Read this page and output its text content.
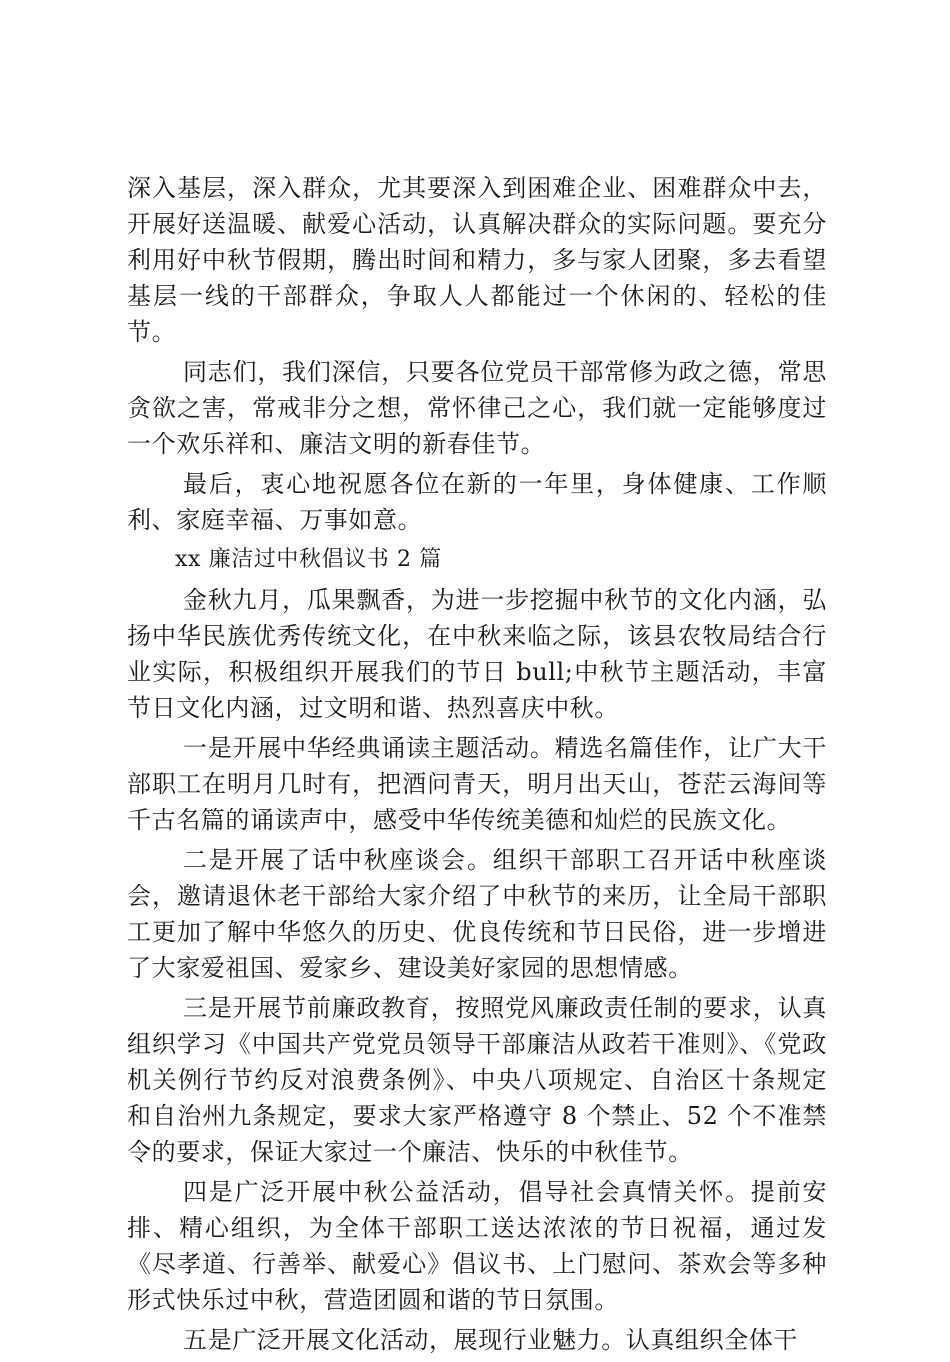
深入基层，深入群众，尤其要深入到困难企业、困难群众中去，开展好送温暖、献爱心活动，认真解决群众的实际问题。要充分利用好中秋节假期，腾出时间和精力，多与家人团聚，多去看望基层一线的干部群众，争取人人都能过一个休闲的、轻松的佳节。

同志们，我们深信，只要各位党员干部常修为政之德，常思贪欲之害，常戒非分之想，常怀律己之心，我们就一定能够度过一个欢乐祥和、廉洁文明的新春佳节。

最后，衷心地祝愿各位在新的一年里，身体健康、工作顺利、家庭幸福、万事如意。

xx 廉洁过中秋倡议书 2 篇

金秋九月，瓜果飘香，为进一步挖掘中秋节的文化内涵，弘扬中华民族优秀传统文化，在中秋来临之际，该县农牧局结合行业实际，积极组织开展我们的节日 bull;中秋节主题活动，丰富节日文化内涵，过文明和谐、热烈喜庆中秋。

一是开展中华经典诵读主题活动。精选名篇佳作，让广大干部职工在明月几时有，把酒问青天，明月出天山，苍茫云海间等千古名篇的诵读声中，感受中华传统美德和灿烂的民族文化。

二是开展了话中秋座谈会。组织干部职工召开话中秋座谈会，邀请退休老干部给大家介绍了中秋节的来历，让全局干部职工更加了解中华悠久的历史、优良传统和节日民俗，进一步增进了大家爱祖国、爱家乡、建设美好家园的思想情感。

三是开展节前廉政教育，按照党风廉政责任制的要求，认真组织学习《中国共产党党员领导干部廉洁从政若干准则》、《党政机关例行节约反对浪费条例》、中央八项规定、自治区十条规定和自治州九条规定，要求大家严格遵守 8 个禁止、52 个不准禁令的要求，保证大家过一个廉洁、快乐的中秋佳节。

四是广泛开展中秋公益活动，倡导社会真情关怀。提前安排、精心组织，为全体干部职工送达浓浓的节日祝福，通过发《尽孝道、行善举、献爱心》倡议书、上门慰问、茶欢会等多种形式快乐过中秋，营造团圆和谐的节日氛围。

五是广泛开展文化活动，展现行业魅力。认真组织全体干
